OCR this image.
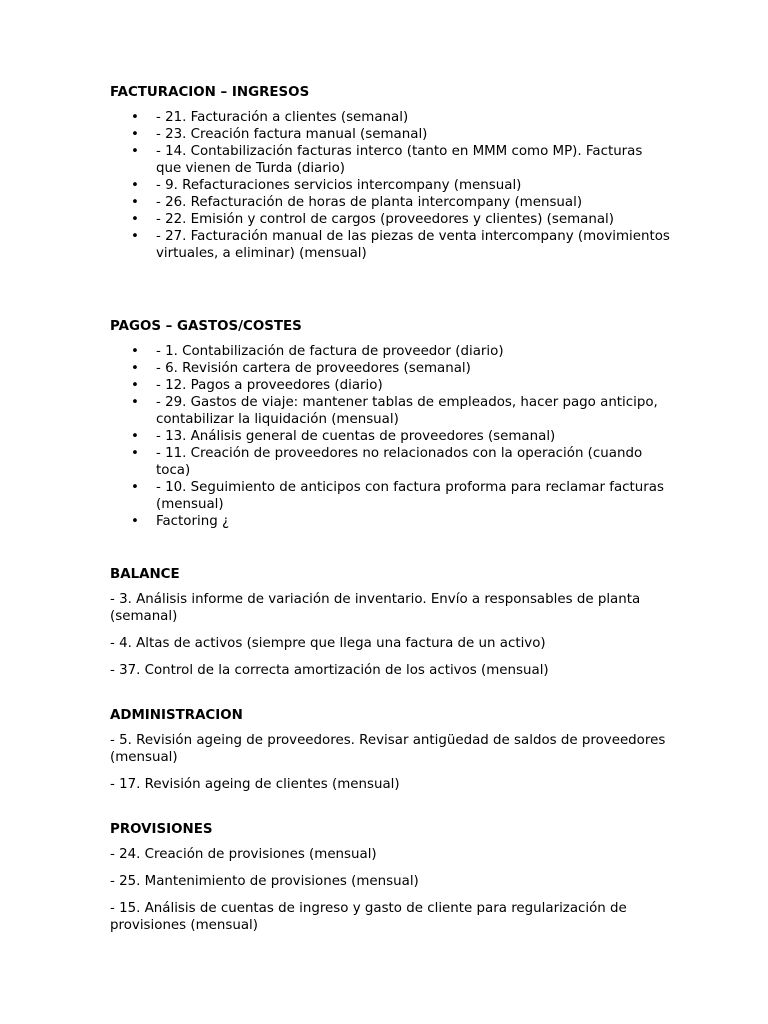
FACTURACION – INGRESOS
• - 21. Facturación a clientes (semanal)
• - 23. Creación factura manual (semanal)
• - 14. Contabilización facturas interco (tanto en MMM como MP). Facturas que vienen de Turda (diario)
• - 9. Refacturaciones servicios intercompany (mensual)
• - 26. Refacturación de horas de planta intercompany (mensual)
• - 22. Emisión y control de cargos (proveedores y clientes) (semanal)
• - 27. Facturación manual de las piezas de venta intercompany (movimientos virtuales, a eliminar) (mensual)
PAGOS – GASTOS/COSTES
• - 1. Contabilización de factura de proveedor (diario)
• - 6. Revisión cartera de proveedores (semanal)
• - 12. Pagos a proveedores (diario)
• - 29. Gastos de viaje: mantener tablas de empleados, hacer pago anticipo, contabilizar la liquidación (mensual)
• - 13. Análisis general de cuentas de proveedores (semanal)
• - 11. Creación de proveedores no relacionados con la operación (cuando toca)
• - 10. Seguimiento de anticipos con factura proforma para reclamar facturas (mensual)
• Factoring ¿
BALANCE
- 3. Análisis informe de variación de inventario. Envío a responsables de planta (semanal)
- 4. Altas de activos (siempre que llega una factura de un activo)
- 37. Control de la correcta amortización de los activos (mensual)
ADMINISTRACION
- 5. Revisión ageing de proveedores. Revisar antigüedad de saldos de proveedores (mensual)
- 17. Revisión ageing de clientes (mensual)
PROVISIONES
- 24. Creación de provisiones (mensual)
- 25. Mantenimiento de provisiones (mensual)
- 15. Análisis de cuentas de ingreso y gasto de cliente para regularización de provisiones (mensual)
